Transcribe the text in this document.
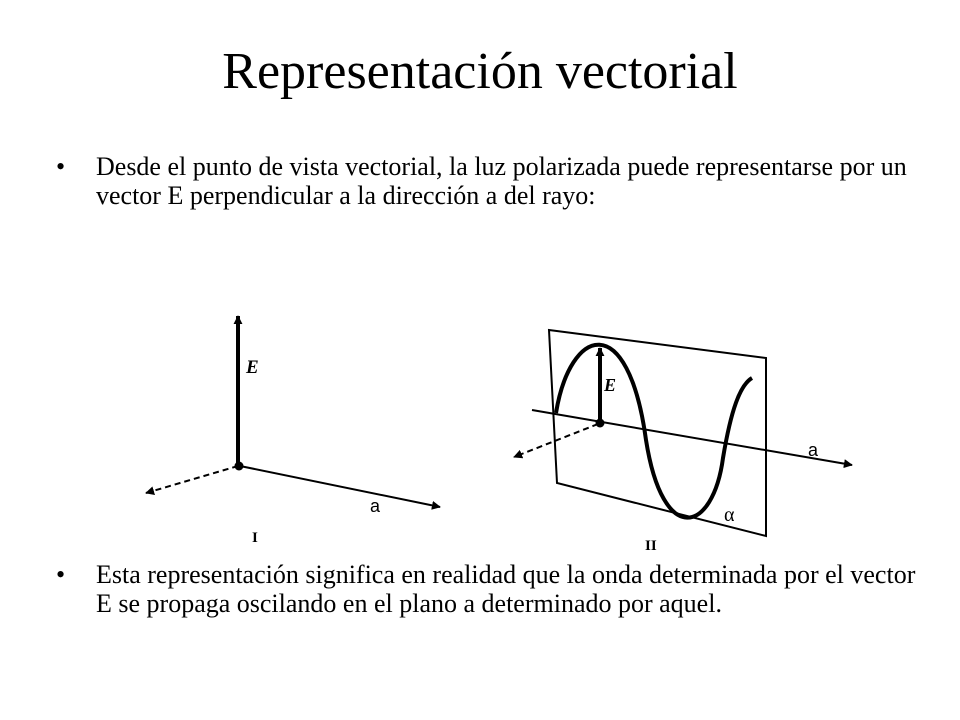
Representación vectorial
• Desde el punto de vista vectorial, la luz polarizada puede representarse por un vector E perpendicular a la dirección a del rayo:
E
a
I
E
a
α
II
• Esta representación significa en realidad que la onda determinada por el vector E se propaga oscilando en el plano a determinado por aquel.
